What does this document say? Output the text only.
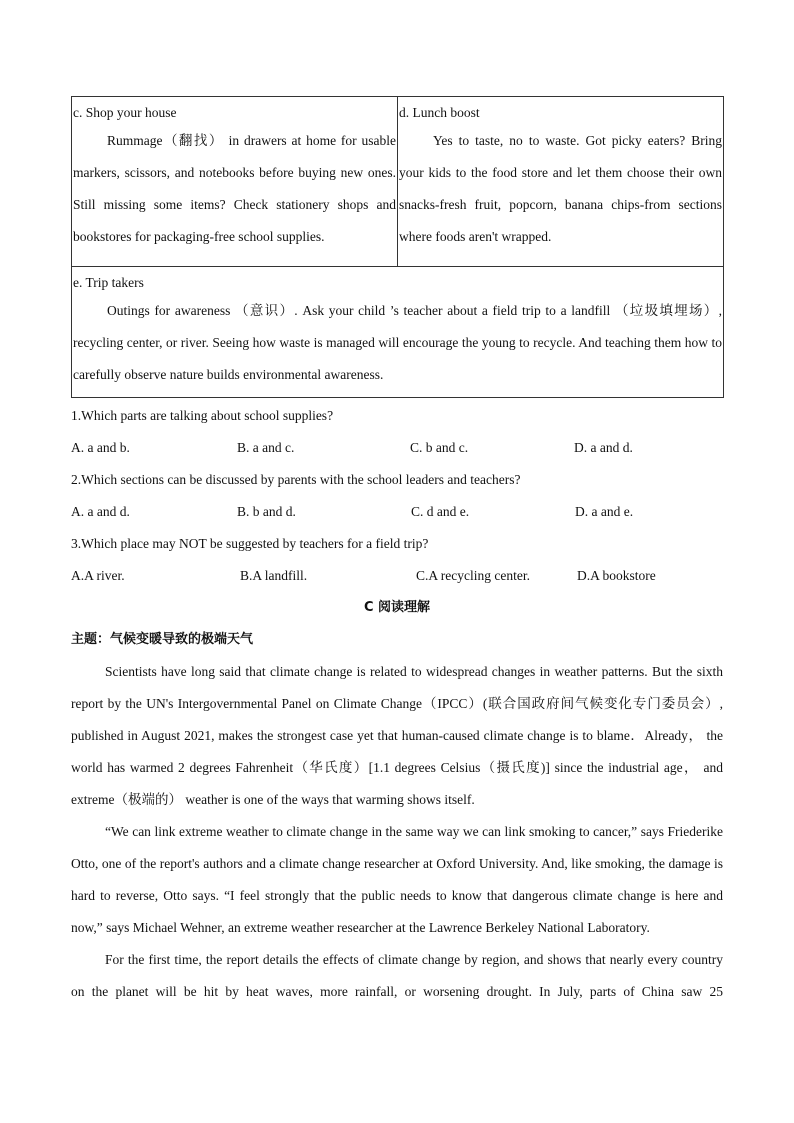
c. Shop your house

Rummage（翻找） in drawers at home for usable markers, scissors, and notebooks before buying new ones. Still missing some items? Check stationery shops and bookstores for packaging-free school supplies.

d. Lunch boost

Yes to taste, no to waste. Got picky eaters? Bring your kids to the food store and let them choose their own snacks-fresh fruit, popcorn, banana chips-from sections where foods aren't wrapped.

e. Trip takers

Outings for awareness （意识）. Ask your child ’s teacher about a field trip to a landfill （垃圾填埋场）, recycling center, or river. Seeing how waste is managed will encourage the young to recycle. And teaching them how to carefully observe nature builds environmental awareness.

1.Which parts are talking about school supplies?
A. a and b.	B. a and c.	C. b and c.	D. a and d.
2.Which sections can be discussed by parents with the school leaders and teachers?
A. a and d.	B. b and d.	C. d and e.	D. a and e.
3.Which place may NOT be suggested by teachers for a field trip?
A.A river.	B.A landfill.	C.A recycling center.	D.A bookstore
C 阅读理解
主题：气候变暖导致的极端天气

Scientists have long said that climate change is related to widespread changes in weather patterns. But the sixth report by the UN's Intergovernmental Panel on Climate Change（IPCC）(联合国政府间气候变化专门委员会）, published in August 2021, makes the strongest case yet that human-caused climate change is to blame．Already， the world has warmed 2 degrees Fahrenheit（华氏度）[1.1 degrees Celsius（摄氏度)] since the industrial age， and extreme（极端的） weather is one of the ways that warming shows itself.

“We can link extreme weather to climate change in the same way we can link smoking to cancer,” says Friederike Otto, one of the report's authors and a climate change researcher at Oxford University. And, like smoking, the damage is hard to reverse, Otto says. “I feel strongly that the public needs to know that dangerous climate change is here and now,” says Michael Wehner, an extreme weather researcher at the Lawrence Berkeley National Laboratory.

For the first time, the report details the effects of climate change by region, and shows that nearly every country on the planet will be hit by heat waves, more rainfall, or worsening drought. In July, parts of China saw 25
